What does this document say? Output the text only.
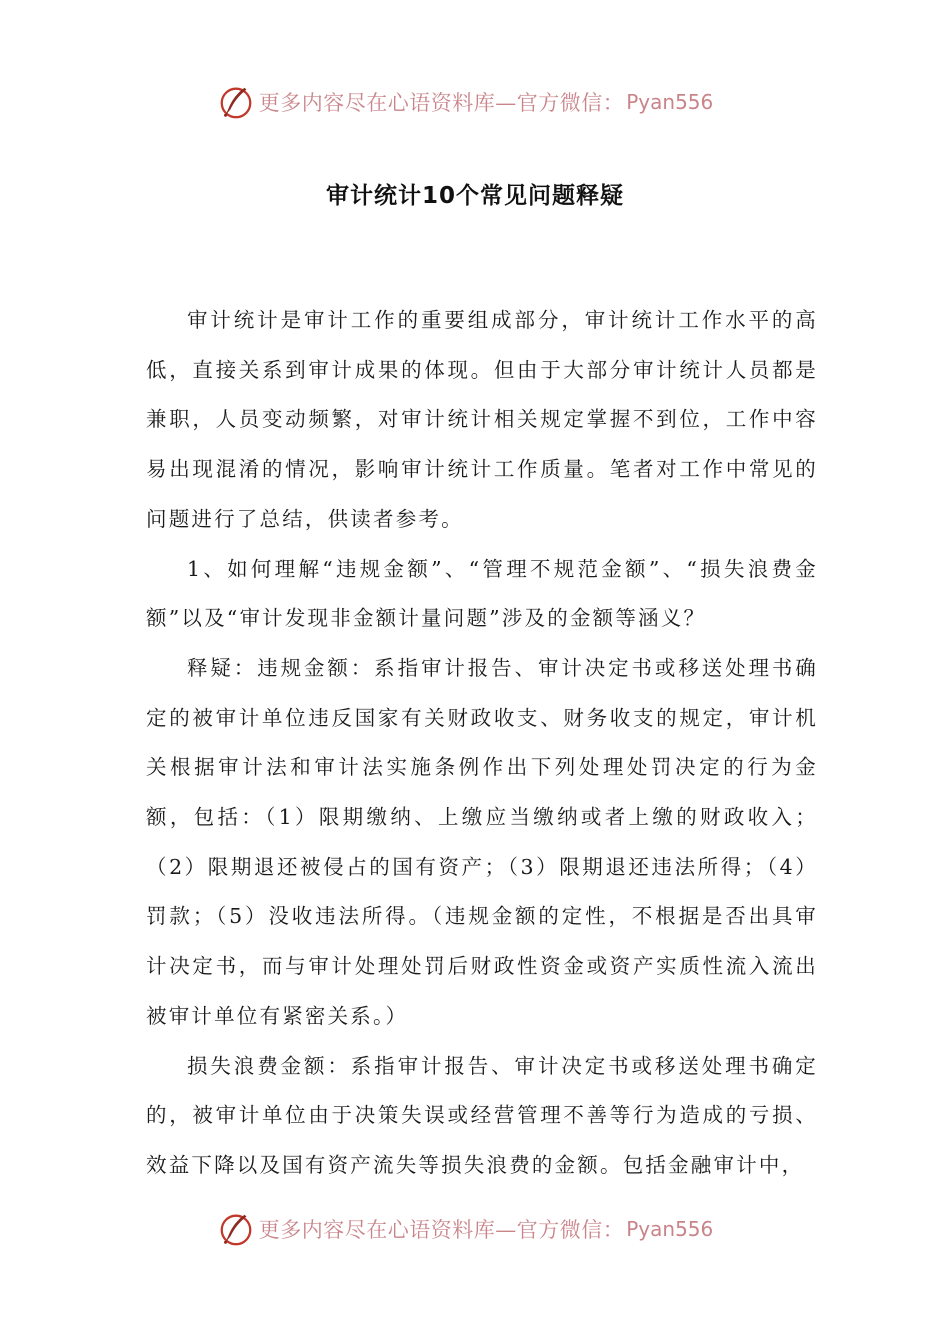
更多内容尽在心语资料库—官方微信： Pyan556
审计统计10个常见问题释疑

审计统计是审计工作的重要组成部分，审计统计工作水平的高低，直接关系到审计成果的体现。但由于大部分审计统计人员都是兼职，人员变动频繁，对审计统计相关规定掌握不到位，工作中容易出现混淆的情况，影响审计统计工作质量。笔者对工作中常见的问题进行了总结，供读者参考。

1、如何理解“违规金额”、“管理不规范金额”、“损失浪费金额”以及“审计发现非金额计量问题”涉及的金额等涵义？

释疑：违规金额：系指审计报告、审计决定书或移送处理书确定的被审计单位违反国家有关财政收支、财务收支的规定，审计机关根据审计法和审计法实施条例作出下列处理处罚决定的行为金额，包括：（1）限期缴纳、上缴应当缴纳或者上缴的财政收入；（2）限期退还被侵占的国有资产；（3）限期退还违法所得；（4）罚款；（5）没收违法所得。（违规金额的定性，不根据是否出具审计决定书，而与审计处理处罚后财政性资金或资产实质性流入流出被审计单位有紧密关系。）

损失浪费金额：系指审计报告、审计决定书或移送处理书确定的，被审计单位由于决策失误或经营管理不善等行为造成的亏损、效益下降以及国有资产流失等损失浪费的金额。包括金融审计中，

更多内容尽在心语资料库—官方微信： Pyan556
